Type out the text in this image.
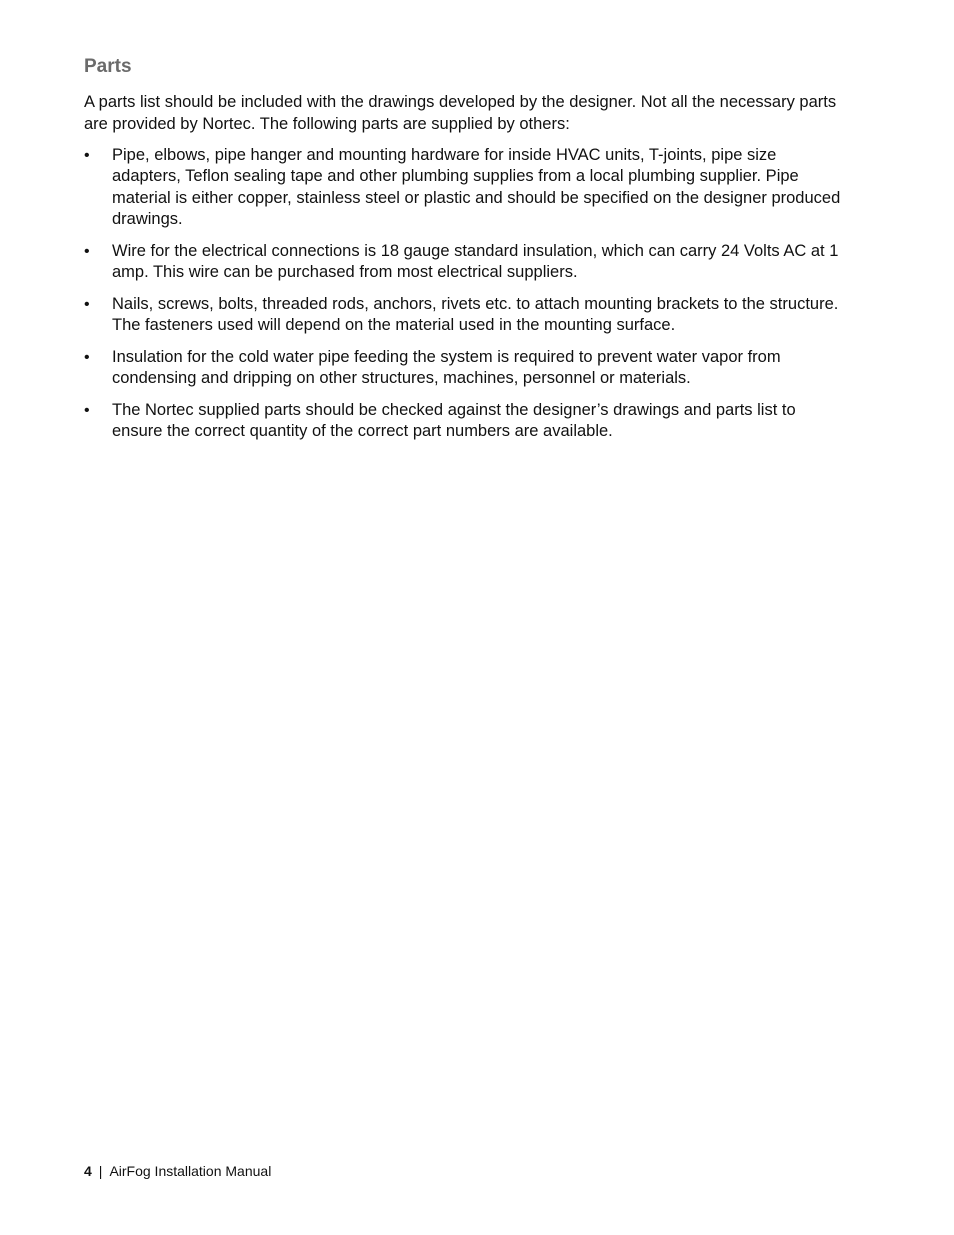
Parts

A parts list should be included with the drawings developed by the designer. Not all the necessary parts are provided by Nortec. The following parts are supplied by others:

•	Pipe, elbows, pipe hanger and mounting hardware for inside HVAC units, T-joints, pipe size adapters, Teflon sealing tape and other plumbing supplies from a local plumbing supplier. Pipe material is either copper, stainless steel or plastic and should be specified on the designer produced drawings.
•	Wire for the electrical connections is 18 gauge standard insulation, which can carry 24 Volts AC at 1 amp. This wire can be purchased from most electrical suppliers.
•	Nails, screws, bolts, threaded rods, anchors, rivets etc. to attach mounting brackets to the structure. The fasteners used will depend on the material used in the mounting surface.
•	Insulation for the cold water pipe feeding the system is required to prevent water vapor from condensing and dripping on other structures, machines, personnel or materials.
•	The Nortec supplied parts should be checked against the designer’s drawings and parts list to ensure the correct quantity of the correct part numbers are available.
4 | AirFog Installation Manual
